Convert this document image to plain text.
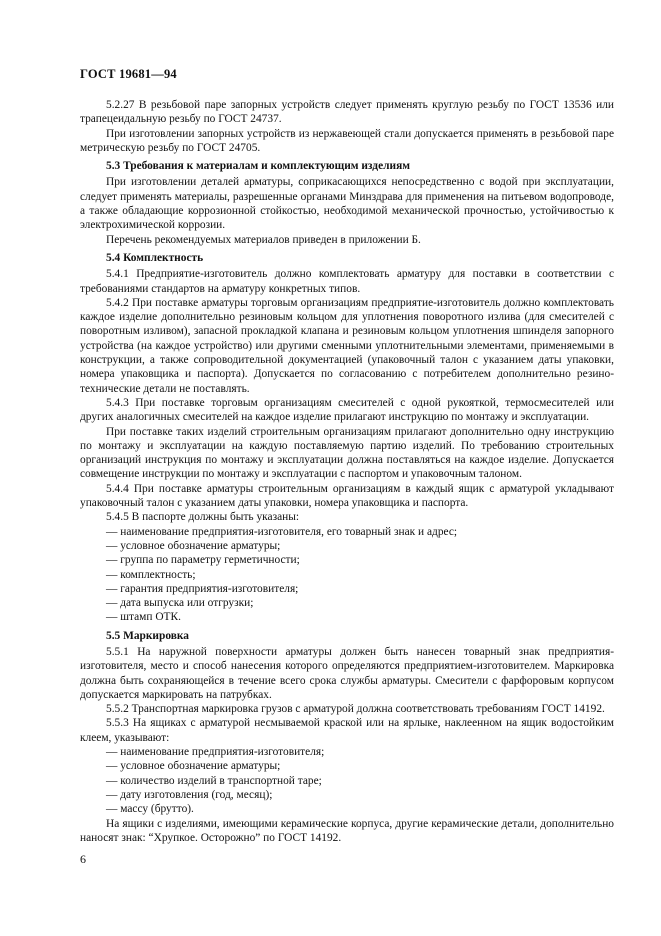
ГОСТ 19681—94

5.2.27 В резьбовой паре запорных устройств следует применять круглую резьбу по ГОСТ 13536 или трапецеидальную резьбу по ГОСТ 24737.

При изготовлении запорных устройств из нержавеющей стали допускается применять в резьбовой паре метрическую резьбу по ГОСТ 24705.

5.3 Требования к материалам и комплектующим изделиям

При изготовлении деталей арматуры, соприкасающихся непосредственно с водой при эксплуатации, следует применять материалы, разрешенные органами Минздрава для применения на питьевом водопроводе, а также обладающие коррозионной стойкостью, необходимой механической прочностью, устойчивостью к электрохимической коррозии.

Перечень рекомендуемых материалов приведен в приложении Б.

5.4 Комплектность

5.4.1 Предприятие-изготовитель должно комплектовать арматуру для поставки в соответствии с требованиями стандартов на арматуру конкретных типов.

5.4.2 При поставке арматуры торговым организациям предприятие-изготовитель должно комплектовать каждое изделие дополнительно резиновым кольцом для уплотнения поворотного излива (для смесителей с поворотным изливом), запасной прокладкой клапана и резиновым кольцом уплотнения шпинделя запорного устройства (на каждое устройство) или другими сменными уплотнительными элементами, применяемыми в конструкции, а также сопроводительной документацией (упаковочный талон с указанием даты упаковки, номера упаковщика и паспорта). Допускается по согласованию с потребителем дополнительно резино-технические детали не поставлять.

5.4.3 При поставке торговым организациям смесителей с одной рукояткой, термосмесителей или других аналогичных смесителей на каждое изделие прилагают инструкцию по монтажу и эксплуатации.

При поставке таких изделий строительным организациям прилагают дополнительно одну инструкцию по монтажу и эксплуатации на каждую поставляемую партию изделий. По требованию строительных организаций инструкция по монтажу и эксплуатации должна поставляться на каждое изделие. Допускается совмещение инструкции по монтажу и эксплуатации с паспортом и упаковочным талоном.

5.4.4 При поставке арматуры строительным организациям в каждый ящик с арматурой укладывают упаковочный талон с указанием даты упаковки, номера упаковщика и паспорта.

5.4.5 В паспорте должны быть указаны:

— наименование предприятия-изготовителя, его товарный знак и адрес;

— условное обозначение арматуры;

— группа по параметру герметичности;

— комплектность;

— гарантия предприятия-изготовителя;

— дата выпуска или отгрузки;

— штамп ОТК.

5.5 Маркировка

5.5.1 На наружной поверхности арматуры должен быть нанесен товарный знак предприятия-изготовителя, место и способ нанесения которого определяются предприятием-изготовителем. Маркировка должна быть сохраняющейся в течение всего срока службы арматуры. Смесители с фарфоровым корпусом допускается маркировать на патрубках.

5.5.2 Транспортная маркировка грузов с арматурой должна соответствовать требованиям ГОСТ 14192.

5.5.3 На ящиках с арматурой несмываемой краской или на ярлыке, наклеенном на ящик водостойким клеем, указывают:

— наименование предприятия-изготовителя;

— условное обозначение арматуры;

— количество изделий в транспортной таре;

— дату изготовления (год, месяц);

— массу (брутто).

На ящики с изделиями, имеющими керамические корпуса, другие керамические детали, дополнительно наносят знак: “Хрупкое. Осторожно” по ГОСТ 14192.

6
